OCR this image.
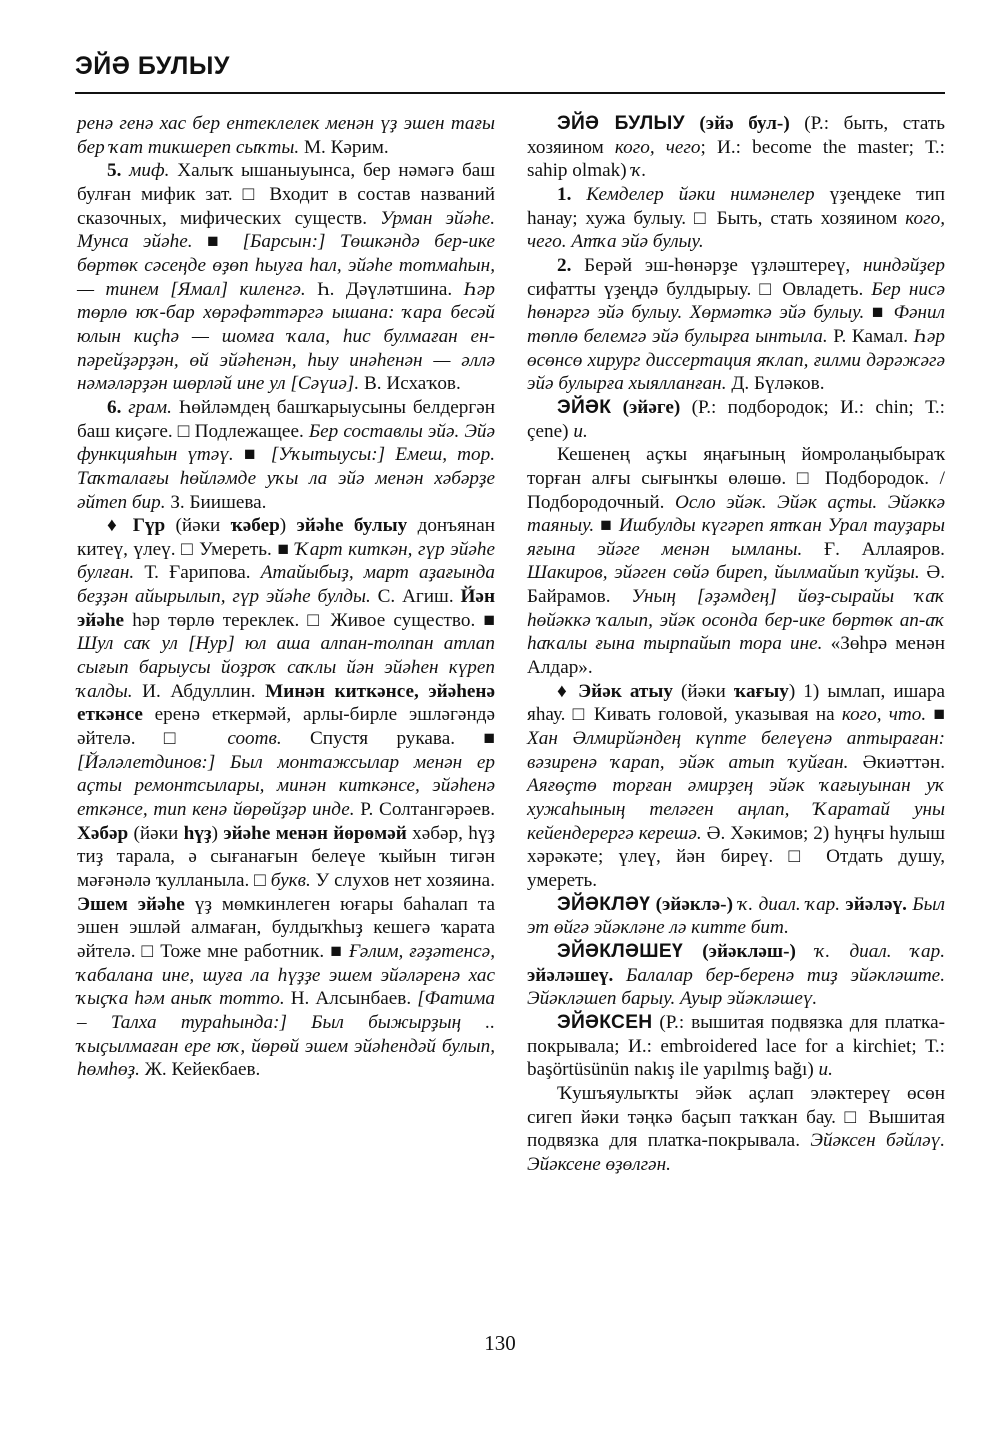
ЭЙӘ БУЛЫУ

ренә генә хас бер ентеклелек менән үҙ эшен тағы бер ҡат тикшереп сыҡты. М. Кәрим.

5. миф. Халыҡ ышаныуынса, бер нәмәгә баш булған мифик зат. □ Входит в состав названий сказочных, мифических существ. Урман эйәһе. Мунса эйәһе. ■ [Барсын:] Төшкәндә бер-ике бөртөк сәсеңде өҙөп һыуға һал, эйәһе тотмаһын, — тинем [Ямал] киленгә. Һ. Дәүләтшина. Һәр төрлө юҡ-бар хөрәфәттәргә ышана: ҡара бесәй юлын киҫһә — шомға ҡала, һис булмаған ен-пәрейҙәрҙән, өй эйәһенән, һыу инәһенән — әллә нәмәләрҙән шөрләй ине ул [Сәүиә]. В. Исхаҡов.

6. грам. Һөйләмдең башҡарыусыны белдергән баш киҫәге. □ Подлежащее. Бер составлы эйә. Эйә функцияһын үтәү. ■ [Уҡытыусы:] Емеш, тор. Таҡталағы һөйләмде уҡы ла эйә менән хәбәрҙе әйтеп бир. З. Биишева.

♦ Гүр (йәки ҡәбер) эйәһе булыу донъянан китеү, үлеү. □ Умереть. ■ Ҡарт киткән, гүр эйәһе булған. Т. Ғарипова. Атайыбыҙ, март аҙағында беҙҙән айырылып, гүр эйәһе булды. С. Агиш. Йән эйәһе һәр төрлө тереклек. □ Живое существо. ■ Шул саҡ ул [Нур] юл аша алпан-толпан атлап сығып барыусы йоҙроҡ саҡлы йән эйәһен күреп ҡалды. И. Абдуллин. Минән киткәнсе, эйәһенә еткәнсе еренә еткермәй, арлы-бирле эшләгәндә әйтелә. □ соотв. Спустя рукава. ■ [Йәләлетдинов:] Был монтажсылар менән ер аҫты ремонтсылары, минән киткәнсе, эйәһенә еткәнсе, тип кенә йөрөйҙәр инде. Р. Солтангәрәев. Хәбәр (йәки һүҙ) эйәһе менән йөрөмәй хәбәр, һүҙ тиҙ тарала, ә сығанағын белеүе ҡыйын тигән мәғәнәлә ҡулланыла. □ букв. У слухов нет хозяина. Эшем эйәһе үҙ мөмкинлеген юғары баһалап та эшен эшләй алмаған, булдыҡһыҙ кешегә ҡарата әйтелә. □ Тоже мне работник. ■ Ғәлим, ғәҙәтенсә, ҡабалана ине, шуға ла һүҙҙе эшем эйәләренә хас ҡыҫҡа һәм аныҡ тотто. Н. Алсынбаев. [Фатима – Талха тураһында:] Был быжырҙың .. ҡыҫылмаған ере юҡ, йөрөй эшем эйәһендәй булып, һөмһөҙ. Ж. Кейекбаев.

ЭЙӘ БУЛЫУ (эйә бул-) (Р.: быть, стать хозяином кого, чего; И.: become the master; Т.: sahip olmak) ҡ.

1. Кемделер йәки нимәнелер үҙеңдеке тип һанау; хужа булыу. □ Быть, стать хозяином кого, чего. Атҡа эйә булыу.

2. Берәй эш-һөнәрҙе үҙләштереү, ниндәйҙер сифатты үҙеңдә булдырыу. □ Овладеть. Бер нисә һөнәргә эйә булыу. Хөрмәткә эйә булыу. ■ Фәнил төплө белемгә эйә булырға ынтыла. Р. Камал. Һәр өсөнсө хирург диссертация яҡлап, ғилми дәрәжәгә эйә булырға хыялланған. Д. Бүләков.

ЭЙӘК (эйәге) (Р.: подбородок; И.: chin; Т.: çene) и.

Кешенең аҫҡы яңағының йомролаңыбыраҡ торған алғы сығынҡы өлөшө. □ Подбородок. / Подбородочный. Осло эйәк. Эйәк аҫты. Эйәккә таяныу. ■ Ишбулды күгәреп ятҡан Урал тауҙары яғына эйәге менән ымланы. Ғ. Аллаяров. Шакиров, эйәген сөйә биреп, йылмайып ҡуйҙы. Ә. Байрамов. Уның [әҙәмдең] йөҙ-сырайы ҡаҡ һөйәккә ҡалып, эйәк осонда бер-ике бөртөк ап-аҡ һаҡалы ғына тырпайып тора ине. «Зөһрә менән Алдар».

♦ Эйәк атыу (йәки ҡағыу) 1) ымлап, ишара яһау. □ Кивать головой, указывая на кого, что. ■ Хан Әлмирйәндең күпте белеүенә аптыраған: вәзиренә ҡарап, эйәк атып ҡуйған. Әкиәттән. Аяғөҫтө торған әмирҙең эйәк ҡағыуынан уҡ хужаһының теләген аңлап, Ҡаратай уны кейендерергә керешә. Ә. Хәкимов; 2) һуңғы һулыш хәрәкәте; үлеү, йән биреү. □ Отдать душу, умереть.

ЭЙӘКЛӘҮ (эйәклә-) ҡ. диал. ҡар. эйәләү. Был эт өйгә эйәкләне лә китте бит.

ЭЙӘКЛӘШЕҮ (эйәкләш-) ҡ. диал. ҡар. эйәләшеү. Балалар бер-беренә тиҙ эйәкләште. Эйәкләшеп барыу. Ауыр эйәкләшеү.

ЭЙӘКСЕН (Р.: вышитая подвязка для платка-покрывала; И.: embroidered lace for a kirchiet; Т.: başörtüsünün nakış ile yapılmış bağı) и.

Ҡушъяулыҡты эйәк аҫлап эләктереү өсөн сигеп йәки тәңкә баҫып таҡҡан бау. □ Вышитая подвязка для платка-покрывала. Эйәксен бәйләү. Эйәксене өҙөлгән.

130
